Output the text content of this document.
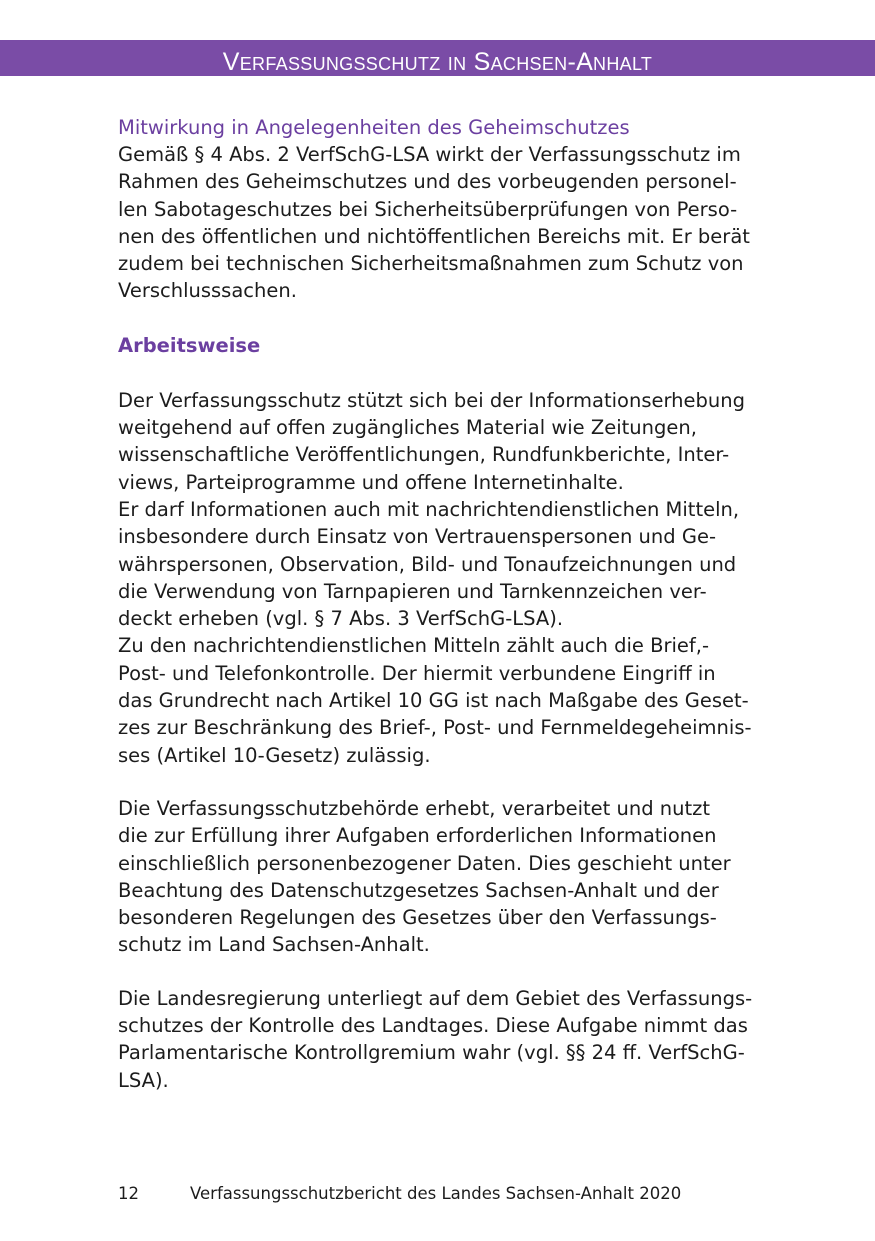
Verfassungsschutz in Sachsen-Anhalt
Mitwirkung in Angelegenheiten des Geheimschutzes

Gemäß § 4 Abs. 2 VerfSchG-LSA wirkt der Verfassungsschutz im
Rahmen des Geheimschutzes und des vorbeugenden personel-
len Sabotageschutzes bei Sicherheitsüberprüfungen von Perso-
nen des öffentlichen und nichtöffentlichen Bereichs mit. Er berät
zudem bei technischen Sicherheitsmaßnahmen zum Schutz von
Verschlusssachen.

Arbeitsweise

Der Verfassungsschutz stützt sich bei der Informationserhebung
weitgehend auf offen zugängliches Material wie Zeitungen,
wissenschaftliche Veröffentlichungen, Rundfunkberichte, Inter-
views, Parteiprogramme und offene Internetinhalte.
Er darf Informationen auch mit nachrichtendienstlichen Mitteln,
insbesondere durch Einsatz von Vertrauenspersonen und Ge-
währspersonen, Observation, Bild- und Tonaufzeichnungen und
die Verwendung von Tarnpapieren und Tarnkennzeichen ver-
deckt erheben (vgl. § 7 Abs. 3 VerfSchG-LSA).
Zu den nachrichtendienstlichen Mitteln zählt auch die Brief,-
Post- und Telefonkontrolle. Der hiermit verbundene Eingriff in
das Grundrecht nach Artikel 10 GG ist nach Maßgabe des Geset-
zes zur Beschränkung des Brief-, Post- und Fernmeldegeheimnis-
ses (Artikel 10-Gesetz) zulässig.

Die Verfassungsschutzbehörde erhebt, verarbeitet und nutzt
die zur Erfüllung ihrer Aufgaben erforderlichen Informationen
einschließlich personenbezogener Daten. Dies geschieht unter
Beachtung des Datenschutzgesetzes Sachsen-Anhalt und der
besonderen Regelungen des Gesetzes über den Verfassungs-
schutz im Land Sachsen-Anhalt.

Die Landesregierung unterliegt auf dem Gebiet des Verfassungs-
schutzes der Kontrolle des Landtages. Diese Aufgabe nimmt das
Parlamentarische Kontrollgremium wahr (vgl. §§ 24 ff. VerfSchG-
LSA).

12	Verfassungsschutzbericht des Landes Sachsen-Anhalt 2020
